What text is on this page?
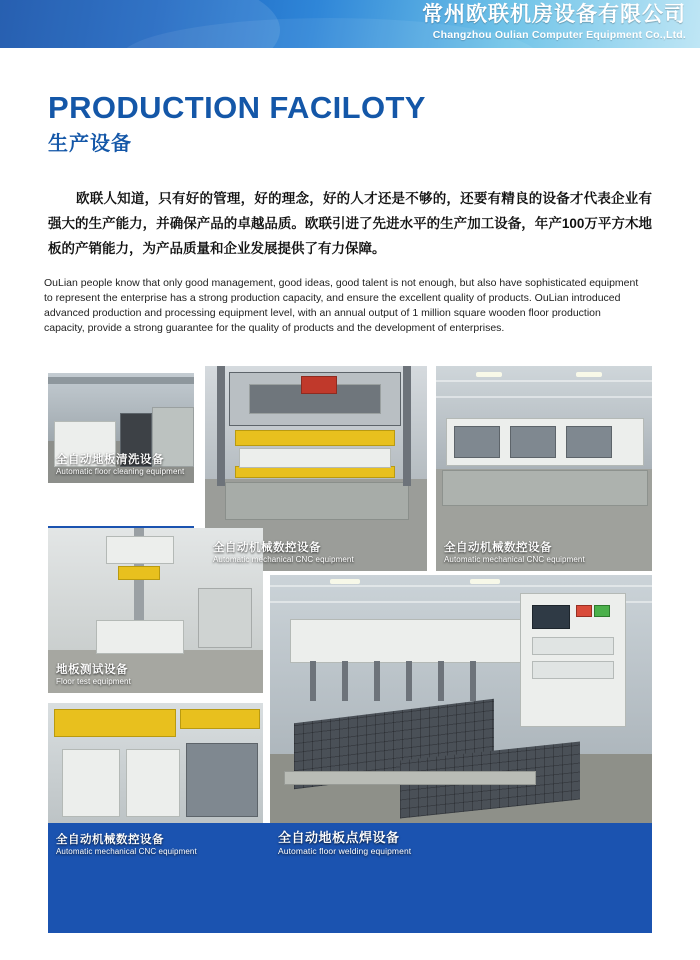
常州欧联机房设备有限公司
Changzhou Oulian Computer Equipment Co.,Ltd.
PRODUCTION FACILOTY
生产设备
欧联人知道，只有好的管理，好的理念，好的人才还是不够的，还要有精良的设备才代表企业有强大的生产能力，并确保产品的卓越品质。欧联引进了先进水平的生产加工设备，年产100万平方木地板的产销能力，为产品质量和企业发展提供了有力保障。
OuLian people know that only good management, good ideas, good talent is not enough, but also have sophisticated equipment to represent the enterprise has a strong production capacity, and ensure the excellent quality of products. OuLian introduced advanced production and processing equipment level, with an annual output of 1 million square wooden floor production capacity, provide a strong guarantee for the quality of products and the development of enterprises.
全自动地板清洗设备
Automatic floor cleaning equipment
全自动机械数控设备
Automatic mechanical CNC equipment
全自动机械数控设备
Automatic mechanical CNC equipment
地板测试设备
Floor test equipment
全自动机械数控设备
Automatic mechanical CNC equipment
全自动地板点焊设备
Automatic floor welding equipment
